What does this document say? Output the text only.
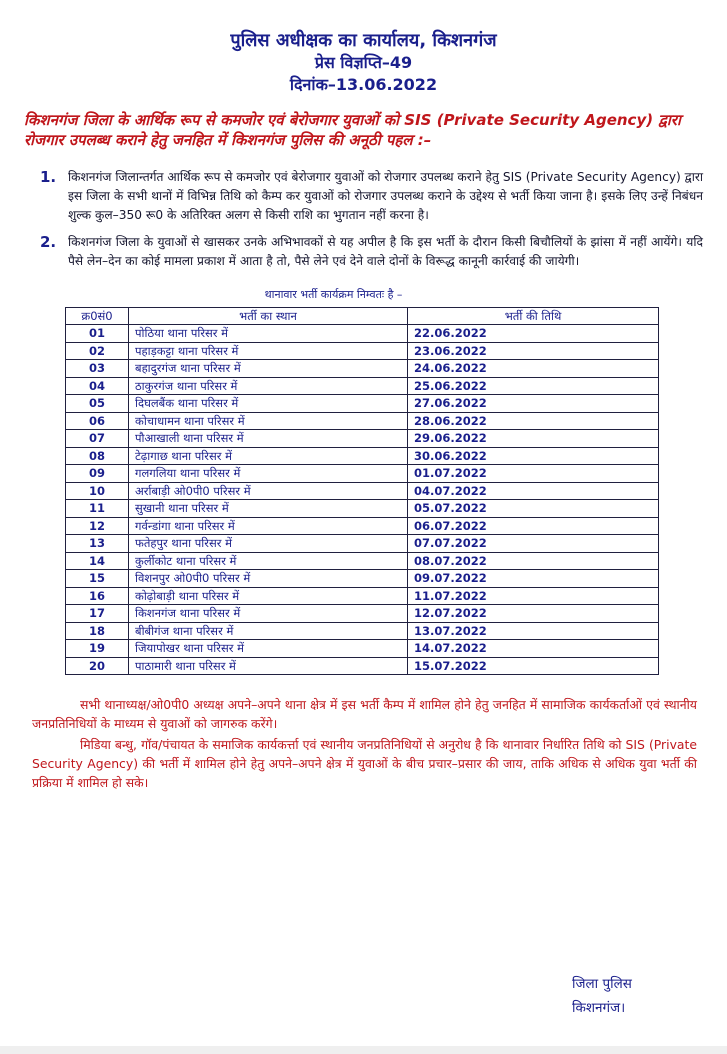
पुलिस अधीक्षक का कार्यालय, किशनगंज
प्रेस विज्ञप्ति–49
दिनांक–13.06.2022
किशनगंज जिला के आर्थिक रूप से कमजोर एवं बेरोजगार युवाओं को SIS (Private Security Agency) द्वारा रोजगार उपलब्ध कराने हेतु जनहित में किशनगंज पुलिस की अनूठी पहल :–
1. किशनगंज जिलान्तर्गत आर्थिक रूप से कमजोर एवं बेरोजगार युवाओं को रोजगार उपलब्ध कराने हेतु SIS (Private Security Agency) द्वारा इस जिला के सभी थानों में विभिन्न तिथि को कैम्प कर युवाओं को रोजगार उपलब्ध कराने के उद्देश्य से भर्ती किया जाना है। इसके लिए उन्हें निबंधन शुल्क कुल–350 रू0 के अतिरिक्त अलग से किसी राशि का भुगतान नहीं करना है।
2. किशनगंज जिला के युवाओं से खासकर उनके अभिभावकों से यह अपील है कि इस भर्ती के दौरान किसी बिचौलियों के झांसा में नहीं आयेंगे। यदि पैसे लेन–देन का कोई मामला प्रकाश में आता है तो, पैसे लेने एवं देने वाले दोनों के विरूद्ध कानूनी कार्रवाई की जायेगी।
थानावार भर्ती कार्यक्रम निम्वतः है –
क्र0सं0	भर्ती का स्थान	भर्ती की तिथि
01	पोठिया थाना परिसर में	22.06.2022
02	पहाड़कट्टा थाना परिसर में	23.06.2022
03	बहादुरगंज थाना परिसर में	24.06.2022
04	ठाकुरगंज थाना परिसर में	25.06.2022
05	दिघलबैंक थाना परिसर में	27.06.2022
06	कोचाधामन थाना परिसर में	28.06.2022
07	पौआखाली थाना परिसर में	29.06.2022
08	टेढ़ागाछ थाना परिसर में	30.06.2022
09	गलगलिया थाना परिसर में	01.07.2022
10	अर्राबाड़ी ओ0पी0 परिसर में	04.07.2022
11	सुखानी थाना परिसर में	05.07.2022
12	गर्वन्डांगा थाना परिसर में	06.07.2022
13	फतेहपुर थाना परिसर में	07.07.2022
14	कुर्लीकोट थाना परिसर में	08.07.2022
15	विशनपुर ओ0पी0 परिसर में	09.07.2022
16	कोढ़ोबाड़ी थाना परिसर में	11.07.2022
17	किशनगंज थाना परिसर में	12.07.2022
18	बीबीगंज थाना परिसर में	13.07.2022
19	जियापोखर थाना परिसर में	14.07.2022
20	पाठामारी थाना परिसर में	15.07.2022

सभी थानाध्यक्ष/ओ0पी0 अध्यक्ष अपने–अपने थाना क्षेत्र में इस भर्ती कैम्प में शामिल होने हेतु जनहित में सामाजिक कार्यकर्ताओं एवं स्थानीय जनप्रतिनिधियों के माध्यम से युवाओं को जागरुक करेंगे।

मिडिया बन्धु, गॉव/पंचायत के समाजिक कार्यकर्त्ता एवं स्थानीय जनप्रतिनिधियों से अनुरोध है कि थानावार निर्धारित तिथि को SIS (Private Security Agency) की भर्ती में शामिल होने हेतु अपने–अपने क्षेत्र में युवाओं के बीच प्रचार–प्रसार की जाय, ताकि अधिक से अधिक युवा भर्ती की प्रक्रिया में शामिल हो सके।

जिला पुलिस
किशनगंज।
